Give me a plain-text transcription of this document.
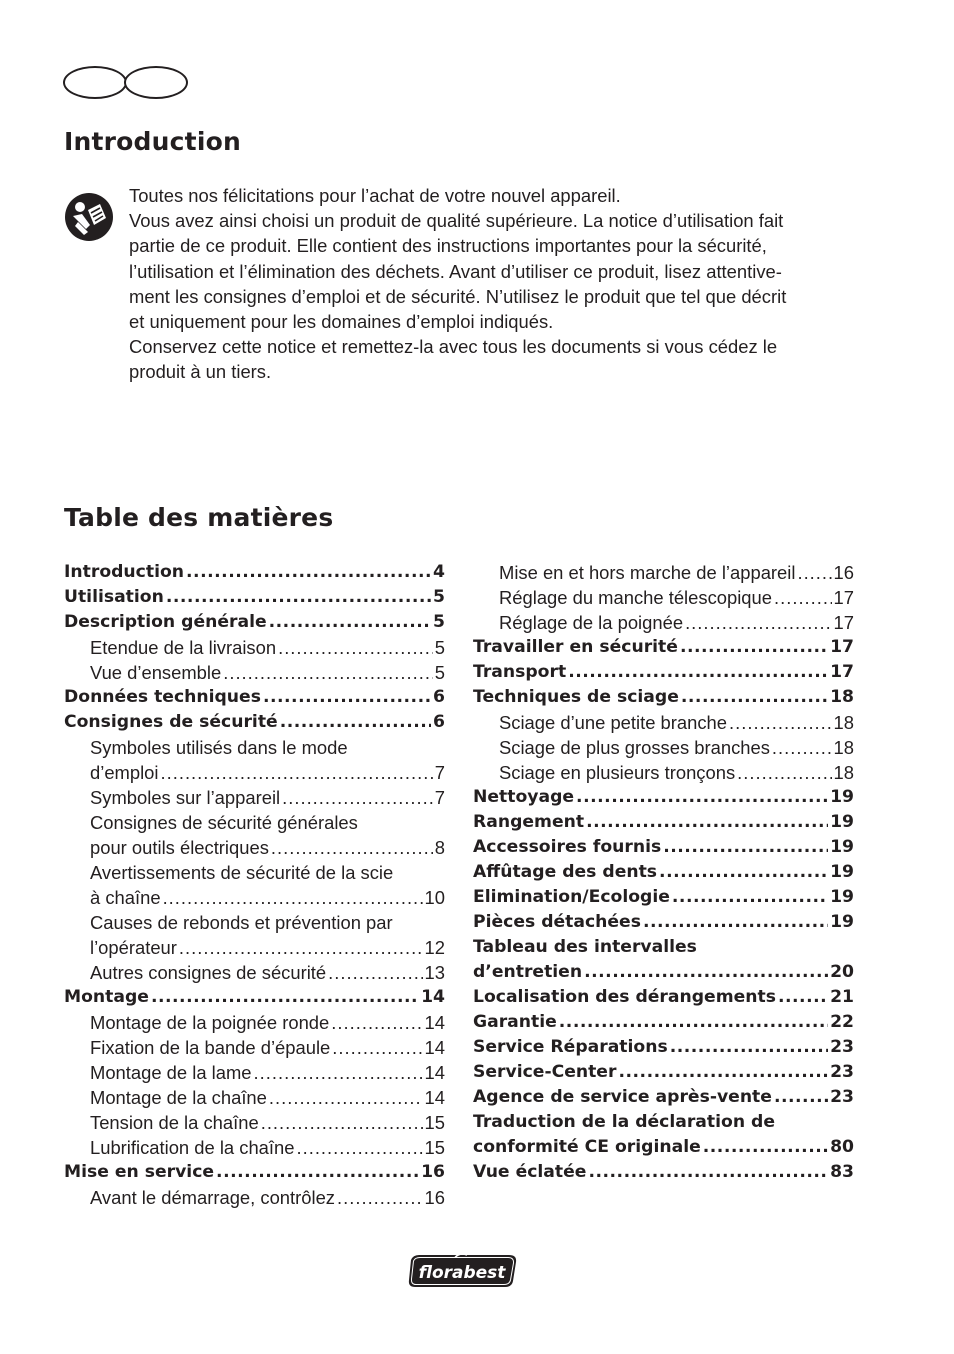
Introduction

Toutes nos félicitations pour l’achat de votre nouvel appareil.

Vous avez ainsi choisi un produit de qualité supérieure. La notice d’utilisation fait

partie de ce produit. Elle contient des instructions importantes pour la sécurité,

l’utilisation et l’élimination des déchets. Avant d’utiliser ce produit, lisez attentive-

ment les consignes d’emploi et de sécurité. N’utilisez le produit que tel que décrit

et uniquement pour les domaines d’emploi indiqués.

Conservez cette notice et remettez-la avec tous les documents si vous cédez le

produit à un tiers.

Table des matières
Introduction .....	4
Utilisation .....	5
Description générale .....	5
Etendue de la livraison .....	5
Vue d’ensemble .....	5
Données techniques .....	6
Consignes de sécurité .....	6
Symboles utilisés dans le mode
d’emploi .....	7
Symboles sur l’appareil .....	7
Consignes de sécurité générales
pour outils électriques .....	8
Avertissements de sécurité de la scie
à chaîne .....	10
Causes de rebonds et prévention par
l’opérateur .....	12
Autres consignes de sécurité .....	13
Montage .....	14
Montage de la poignée ronde .....	14
Fixation de la bande d’épaule .....	14
Montage de la lame .....	14
Montage de la chaîne .....	14
Tension de la chaîne .....	15
Lubrification de la chaîne .....	15
Mise en service .....	16
Avant le démarrage, contrôlez .....	16
Mise en et hors marche de l’appareil ..... 16
Réglage du manche télescopique .....	17
Réglage de la poignée .....	17
Travailler en sécurité .....	17
Transport .....	17
Techniques de sciage .....	18
Sciage d’une petite branche .....	18
Sciage de plus grosses branches .....	18
Sciage en plusieurs tronçons .....	18
Nettoyage .....	19
Rangement .....	19
Accessoires fournis .....	19
Affûtage des dents .....	19
Elimination/Ecologie .....	19
Pièces détachées .....	19
Tableau des intervalles
d’entretien .....	20
Localisation des dérangements .....	21
Garantie .....	22
Service Réparations .....	23
Service-Center .....	23
Agence de service après-vente .....	23
Traduction de la déclaration de
conformité CE originale .....	80
Vue éclatée .....	83
florabest
